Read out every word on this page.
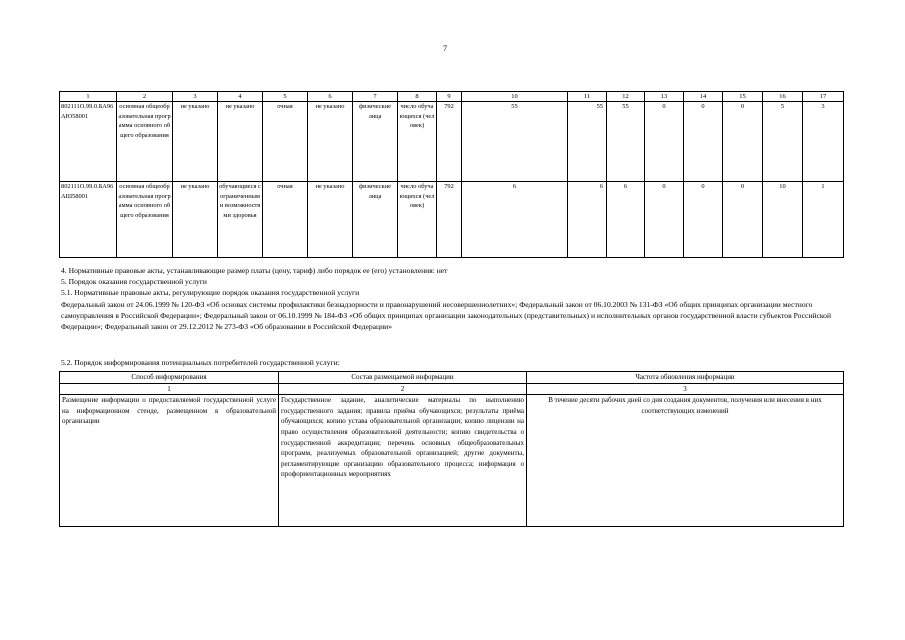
7
1	2	3	4	5	6	7	8	9	10	11	12	13	14	15	16	17
802111О.99.0.БА96АЮ58001	основная общеобразовательная программа основного общего образования	не указано	не указано	очная	не указано	физические лица	число обучающихся (человек)	792	55	55	55	0	0	0	5	3
802111О.99.0.БА96АШ58001	основная общеобразовательная программа основного общего образования	не указано	обучающиеся с ограниченными возможностями здоровья	очная	не указано	физические лица	число обучающихся (человек)	792	6	6	6	0	0	0	10	1

4. Нормативные правовые акты, устанавливающие размер платы (цену, тариф) либо порядок ее (его) установления: нет

5. Порядок оказания государственной услуги

5.1. Нормативные правовые акты, регулирующие порядок оказания государственной услуги

Федеральный закон от 24.06.1999 № 120-ФЗ «Об основах системы профилактики безнадзорности и правонарушений несовершеннолетних»; Федеральный закон от 06.10.2003 № 131-ФЗ «Об общих принципах организации местного самоуправления в Российской Федерации»; Федеральный закон от 06.10.1999 № 184-ФЗ «Об общих принципах организации законодательных (представительных) и исполнительных органов государственной власти субъектов Российской Федерации»; Федеральный закон от 29.12.2012 № 273-ФЗ «Об образовании в Российской Федерации»

5.2. Порядок информирования потенциальных потребителей государственной услуги:
Способ информирования	Состав размещаемой информации	Частота обновления информации
1	2	3
Размещение информации о предоставляемой государственной услуге на информационном стенде, размещенном в образовательной организации	Государственное задание, аналитические материалы по выполнению государственного задания; правила приёма обучающихся; результаты приёма обучающихся; копию устава образовательной организации; копию лицензии на право осуществления образовательной деятельности; копию свидетельства о государственной аккредитации; перечень основных общеобразовательных программ, реализуемых образовательной организацией; другие документы, регламентирующие организацию образовательного процесса; информация о профориентационных мероприятиях	В течение десяти рабочих дней со дня создания документов, получения или внесения в них соответствующих изменений
